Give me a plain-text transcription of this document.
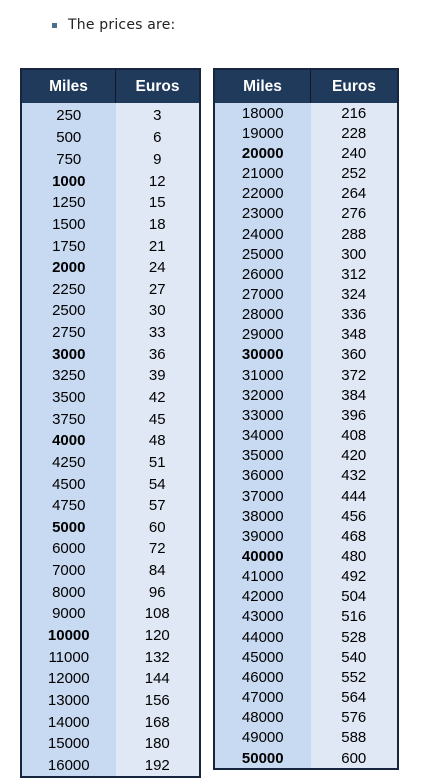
The prices are:
Miles	Euros
250	3
500	6
750	9
1000	12
1250	15
1500	18
1750	21
2000	24
2250	27
2500	30
2750	33
3000	36
3250	39
3500	42
3750	45
4000	48
4250	51
4500	54
4750	57
5000	60
6000	72
7000	84
8000	96
9000	108
10000	120
11000	132
12000	144
13000	156
14000	168
15000	180
16000	192
Miles	Euros
18000	216
19000	228
20000	240
21000	252
22000	264
23000	276
24000	288
25000	300
26000	312
27000	324
28000	336
29000	348
30000	360
31000	372
32000	384
33000	396
34000	408
35000	420
36000	432
37000	444
38000	456
39000	468
40000	480
41000	492
42000	504
43000	516
44000	528
45000	540
46000	552
47000	564
48000	576
49000	588
50000	600
